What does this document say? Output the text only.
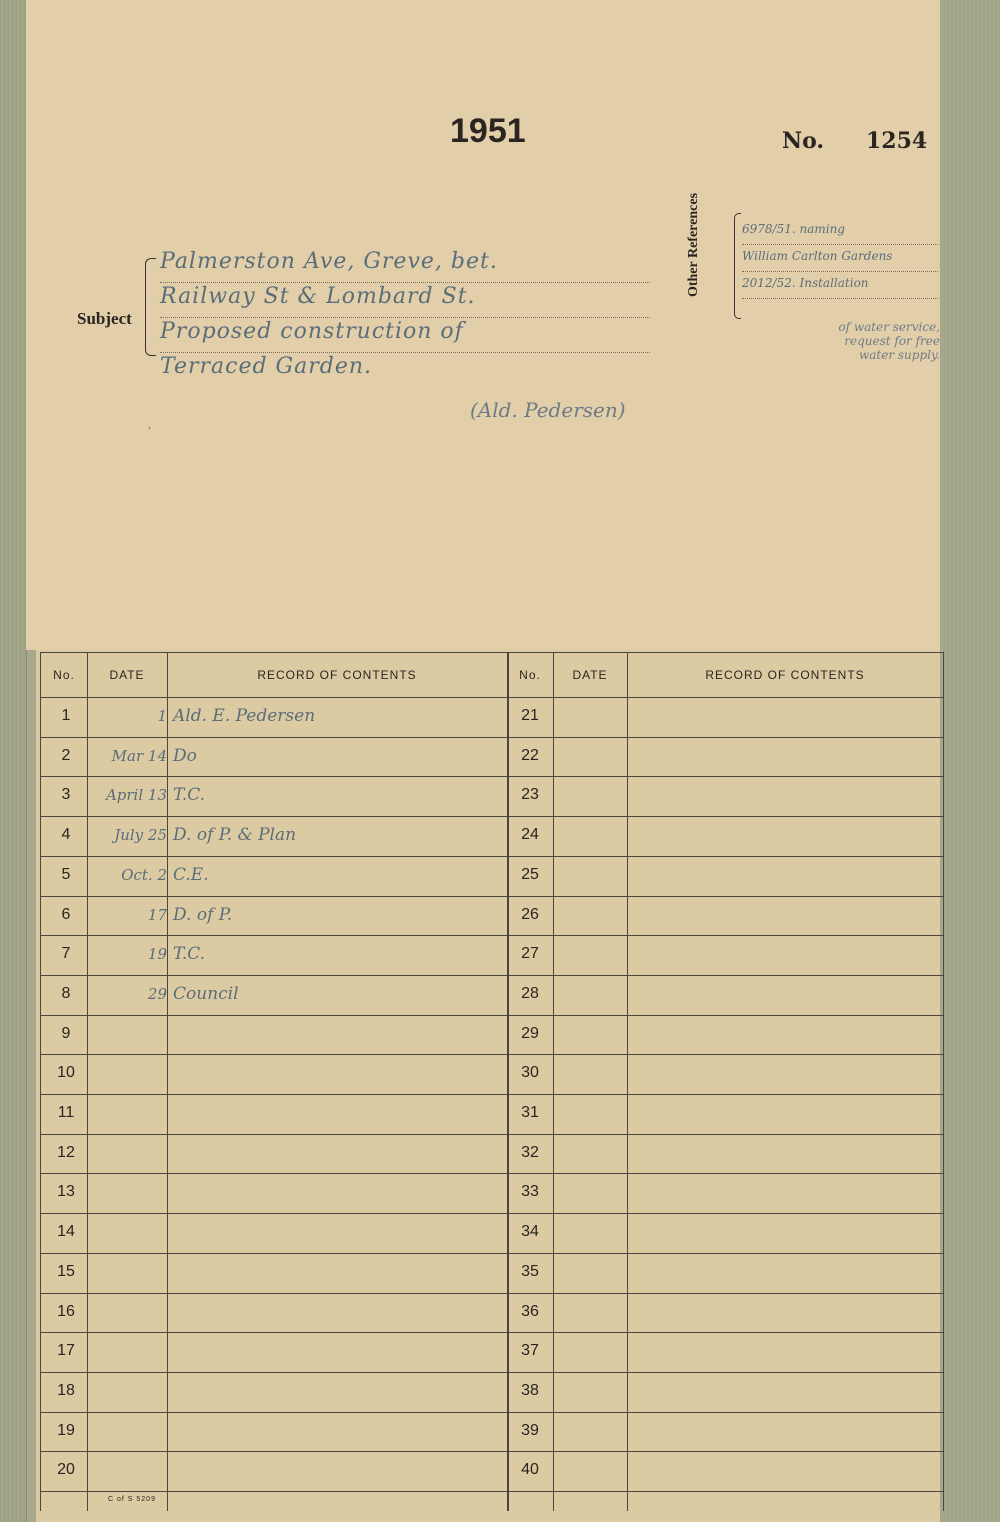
1951	No. 1254
Subject
Palmerston Ave, Greve, bet.
Railway St & Lombard St.
Proposed construction of
Terraced Garden.
(Ald. Pedersen)
,
Other References	6978/51. naming
William Carlton Gardens
2012/52. Installation
of water service, request for free water supply.
No.	DATE	RECORD OF CONTENTS	No.	DATE	RECORD OF CONTENTS
1	1 Ald. E. Pedersen	21
2	Mar 14 Do	22
3	April 13 T.C.	23
4	July 25 D. of P. & Plan	24
5	Oct. 2 C.E.	25
6	17 D. of P.	26
7	19 T.C.	27
8	29 Council	28
9	29
10	30
11	31
12	32
13	33
14	34
15	35
16	36
17	37
18	38
19	39
20	40
C of S 5209
